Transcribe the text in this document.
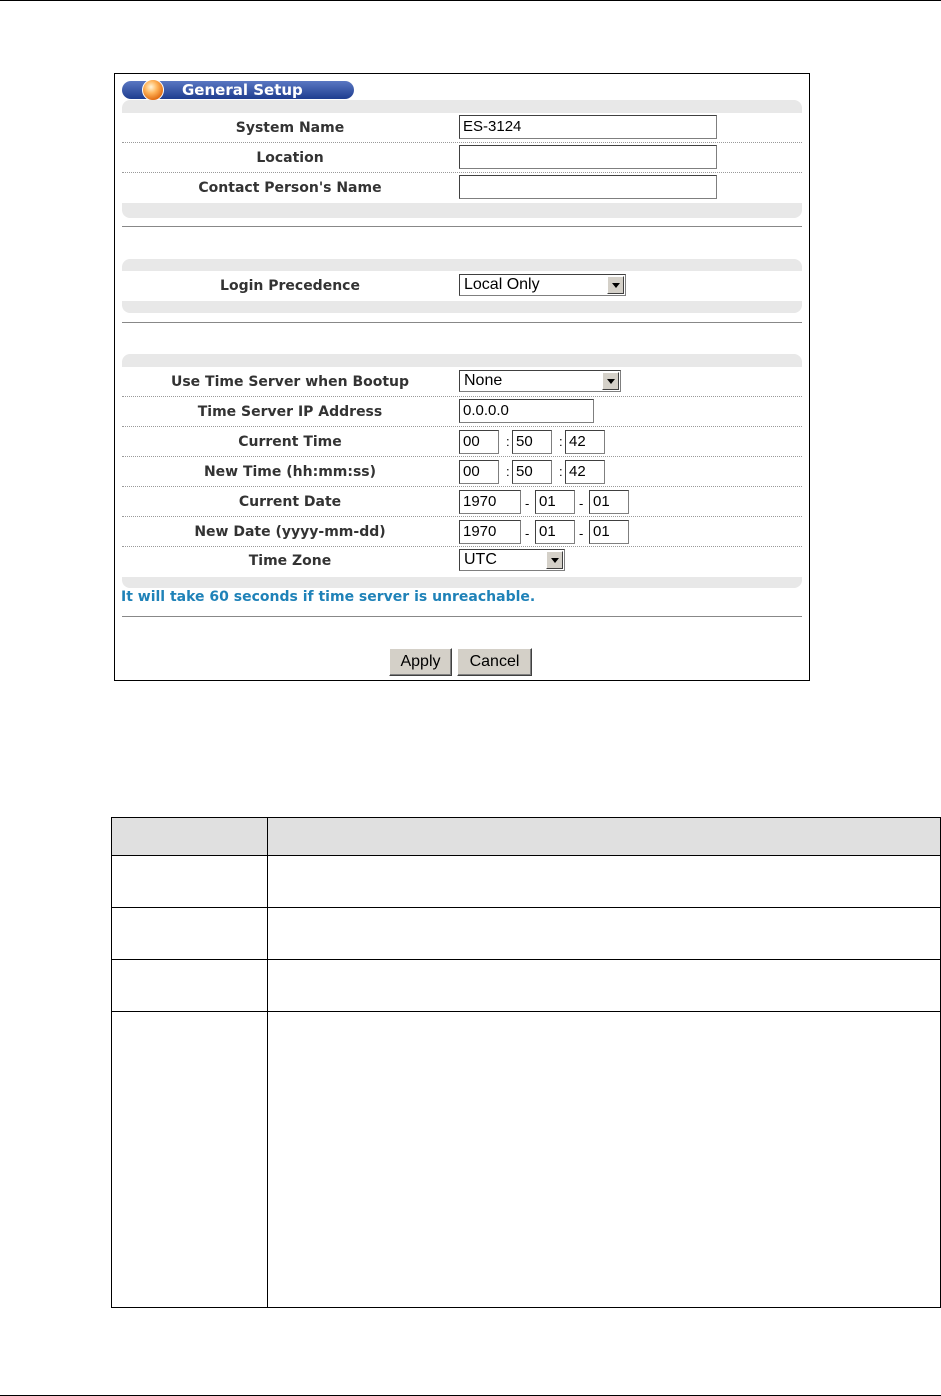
General Setup
System Name	ES-3124
Location
Contact Person's Name
Login Precedence	Local Only
Use Time Server when Bootup	None
Time Server IP Address	0.0.0.0
Current Time	00	: 50	: 42
New Time (hh:mm:ss)	00	: 50	: 42
Current Date	1970	- 01	- 01
New Date (yyyy-mm-dd)	1970	- 01	- 01
Time Zone	UTC
It will take 60 seconds if time server is unreachable.
Apply	Cancel
